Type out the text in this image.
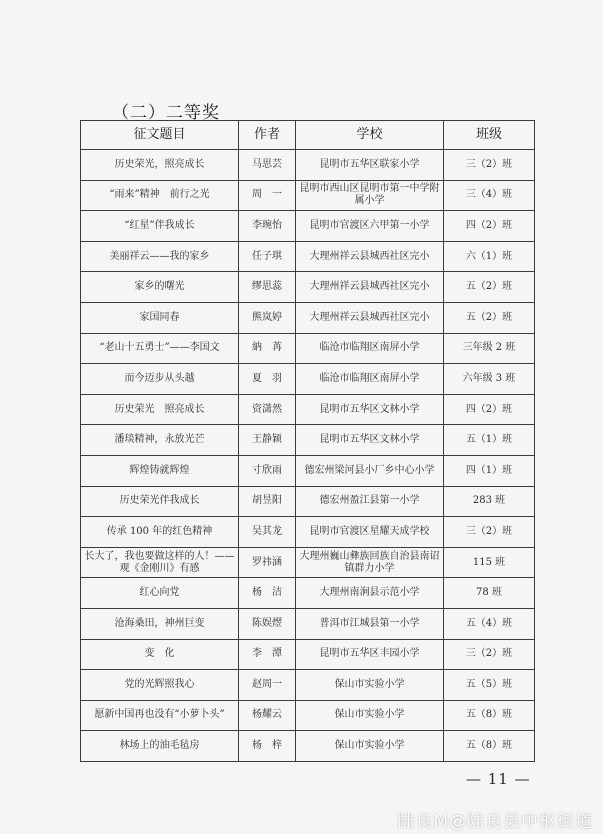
（二）二等奖
征文题目	作者	学校	班级
历史荣光，照亮成长	马思芸	昆明市五华区联家小学	三（2）班
“雨来”精神　前行之光	周　一	昆明市西山区昆明市第一中学附属小学	三（4）班
“红星”伴我成长	李琬怡	昆明市官渡区六甲第一小学	四（2）班
美丽祥云——我的家乡	任子琪	大理州祥云县城西社区完小	六（1）班
家乡的曙光	缪思蕊	大理州祥云县城西社区完小	五（2）班
家国同春	熊岚婷	大理州祥云县城西社区完小	五（2）班
“老山十五勇士”——李国文	納　苒	临沧市临翔区南屏小学	三年级 2 班
而今迈步从头越	夏　羽	临沧市临翔区南屏小学	六年级 3 班
历史荣光　照亮成长	资潇然	昆明市五华区文林小学	四（2）班
潘琰精神，永放光芒	王静颖	昆明市五华区文林小学	五（1）班
辉煌铸就辉煌	寸欣雨	德宏州梁河县小厂乡中心小学	四（1）班
历史荣光伴我成长	胡昱阳	德宏州盈江县第一小学	283 班
传承 100 年的红色精神	吴其龙	昆明市官渡区星耀天成学校	三（2）班
长大了，我也要做这样的人！——观《金刚川》有感	罗祎涵	大理州巍山彝族回族自治县南诏镇群力小学	115 班
红心向党	杨　洁	大理州南涧县示范小学	78 班
沧海桑田，神州巨变	陈娱熤	普洱市江城县第一小学	五（4）班
变　化	李　潭	昆明市五华区丰园小学	三（2）班
党的光辉照我心	赵周一	保山市实验小学	五（5）班
愿新中国再也没有“小萝卜头”	杨耀云	保山市实验小学	五（8）班
林场上的油毛毡房	杨　梓	保山市实验小学	五（8）班
— 11 —
陆良M@陆良县中枢街道
